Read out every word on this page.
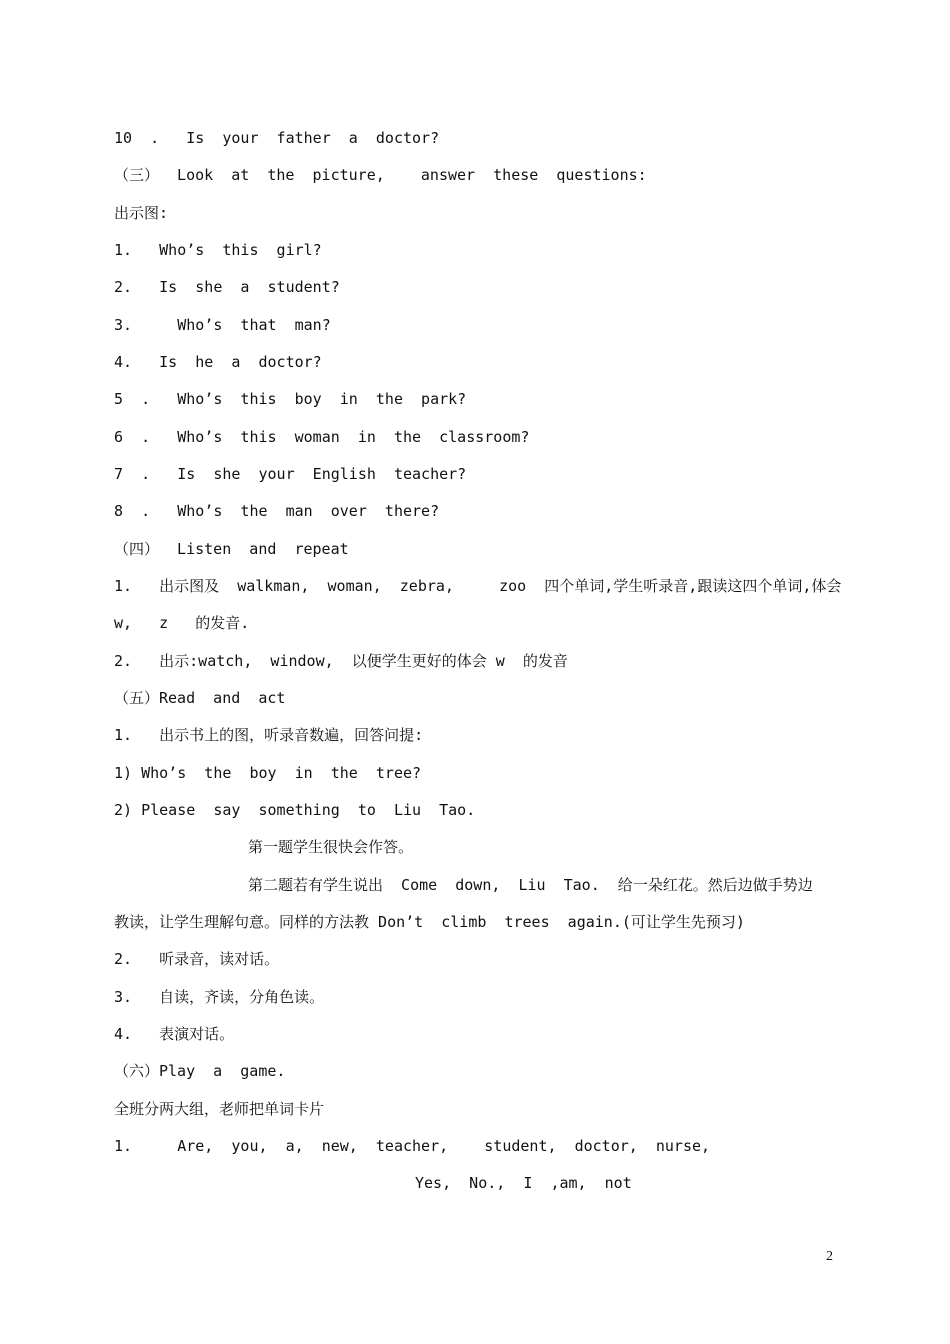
10  .   Is  your  father  a  doctor?
（三）  Look  at  the  picture,    answer  these  questions:
出示图:
1.   Who’s  this  girl?
2.   Is  she  a  student?
3.     Who’s  that  man?
4.   Is  he  a  doctor?
5  .   Who’s  this  boy  in  the  park?
6  .   Who’s  this  woman  in  the  classroom?
7  .   Is  she  your  English  teacher?
8  .   Who’s  the  man  over  there?
（四）  Listen  and  repeat
1.   出示图及  walkman,  woman,  zebra,     zoo  四个单词,学生听录音,跟读这四个单词,体会
w,   z   的发音.
2.   出示:watch,  window,  以便学生更好的体会 w  的发音
（五）Read  and  act
1.   出示书上的图，听录音数遍，回答问提:
1) Who’s  the  boy  in  the  tree?
2) Please  say  something  to  Liu  Tao.
第一题学生很快会作答。
第二题若有学生说出  Come  down,  Liu  Tao.  给一朵红花。然后边做手势边
教读，让学生理解句意。同样的方法教 Don’t  climb  trees  again.(可让学生先预习)
2.   听录音，读对话。
3.   自读，齐读，分角色读。
4.   表演对话。
（六）Play  a  game.
全班分两大组，老师把单词卡片
1.     Are,  you,  a,  new,  teacher,    student,  doctor,  nurse,
Yes,  No.,  I  ,am,  not
2
